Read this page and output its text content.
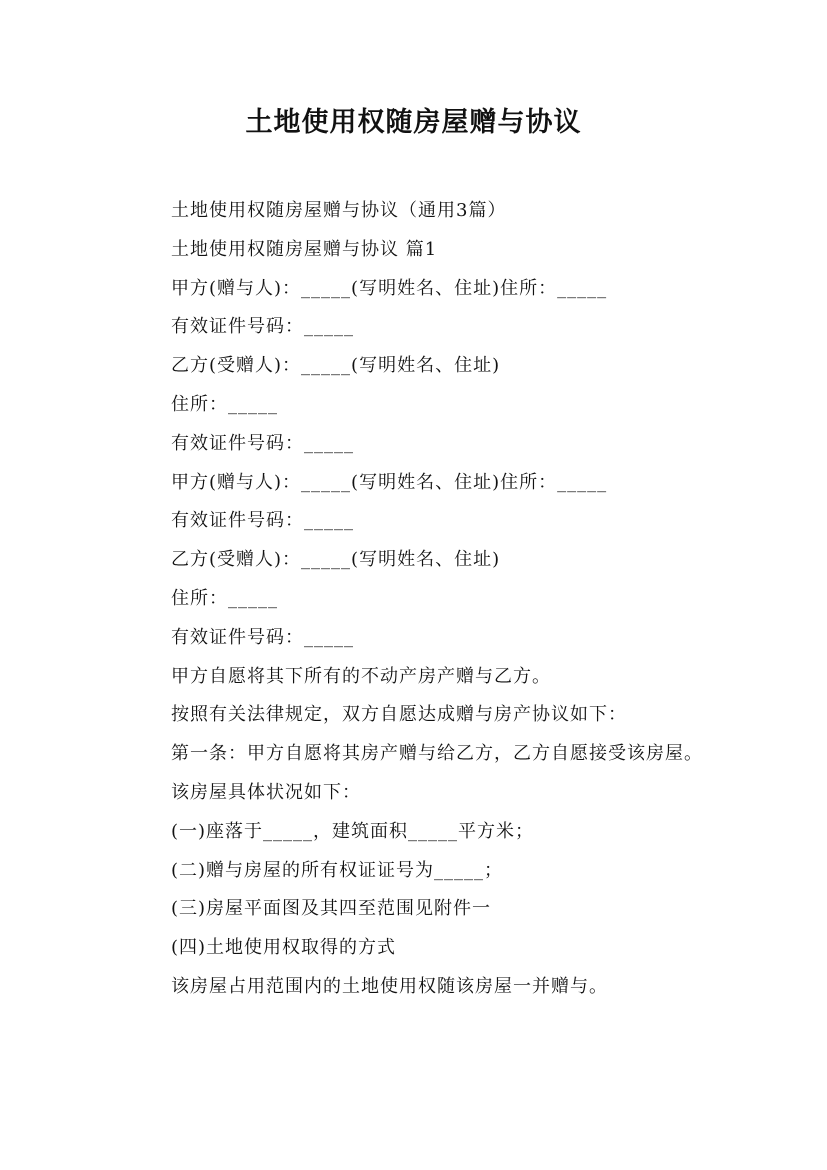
土地使用权随房屋赠与协议
土地使用权随房屋赠与协议（通用3篇）
土地使用权随房屋赠与协议 篇1
甲方(赠与人)：_____(写明姓名、住址)住所：_____
有效证件号码：_____
乙方(受赠人)：_____(写明姓名、住址)
住所：_____
有效证件号码：_____
甲方(赠与人)：_____(写明姓名、住址)住所：_____
有效证件号码：_____
乙方(受赠人)：_____(写明姓名、住址)
住所：_____
有效证件号码：_____
甲方自愿将其下所有的不动产房产赠与乙方。
按照有关法律规定，双方自愿达成赠与房产协议如下：
第一条：甲方自愿将其房产赠与给乙方，乙方自愿接受该房屋。
该房屋具体状况如下：
(一)座落于_____，建筑面积_____平方米；
(二)赠与房屋的所有权证证号为_____；
(三)房屋平面图及其四至范围见附件一
(四)土地使用权取得的方式
该房屋占用范围内的土地使用权随该房屋一并赠与。
